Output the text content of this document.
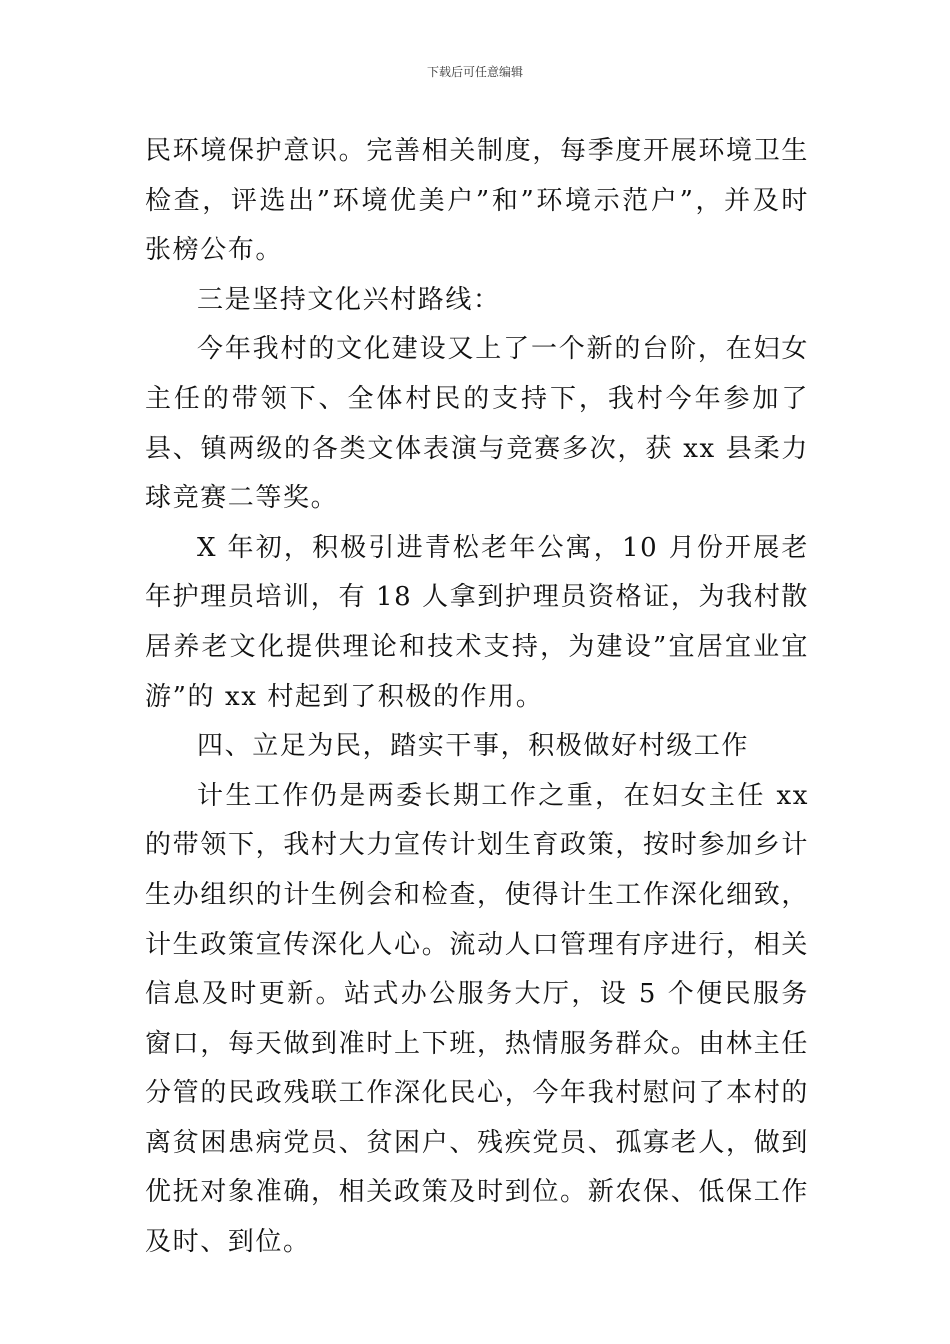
下载后可任意编辑

民环境保护意识。完善相关制度，每季度开展环境卫生检查，评选出”环境优美户”和”环境示范户”，并及时张榜公布。

三是坚持文化兴村路线：

今年我村的文化建设又上了一个新的台阶，在妇女主任的带领下、全体村民的支持下，我村今年参加了县、镇两级的各类文体表演与竞赛多次，获 xx 县柔力球竞赛二等奖。

X 年初，积极引进青松老年公寓，10 月份开展老年护理员培训，有 18 人拿到护理员资格证，为我村散居养老文化提供理论和技术支持，为建设”宜居宜业宜游”的 xx 村起到了积极的作用。

四、立足为民，踏实干事，积极做好村级工作

计生工作仍是两委长期工作之重，在妇女主任 xx 的带领下，我村大力宣传计划生育政策，按时参加乡计生办组织的计生例会和检查，使得计生工作深化细致，计生政策宣传深化人心。流动人口管理有序进行，相关信息及时更新。站式办公服务大厅，设 5 个便民服务窗口，每天做到准时上下班，热情服务群众。由林主任分管的民政残联工作深化民心，今年我村慰问了本村的离贫困患病党员、贫困户、残疾党员、孤寡老人，做到优抚对象准确，相关政策及时到位。新农保、低保工作及时、到位。
